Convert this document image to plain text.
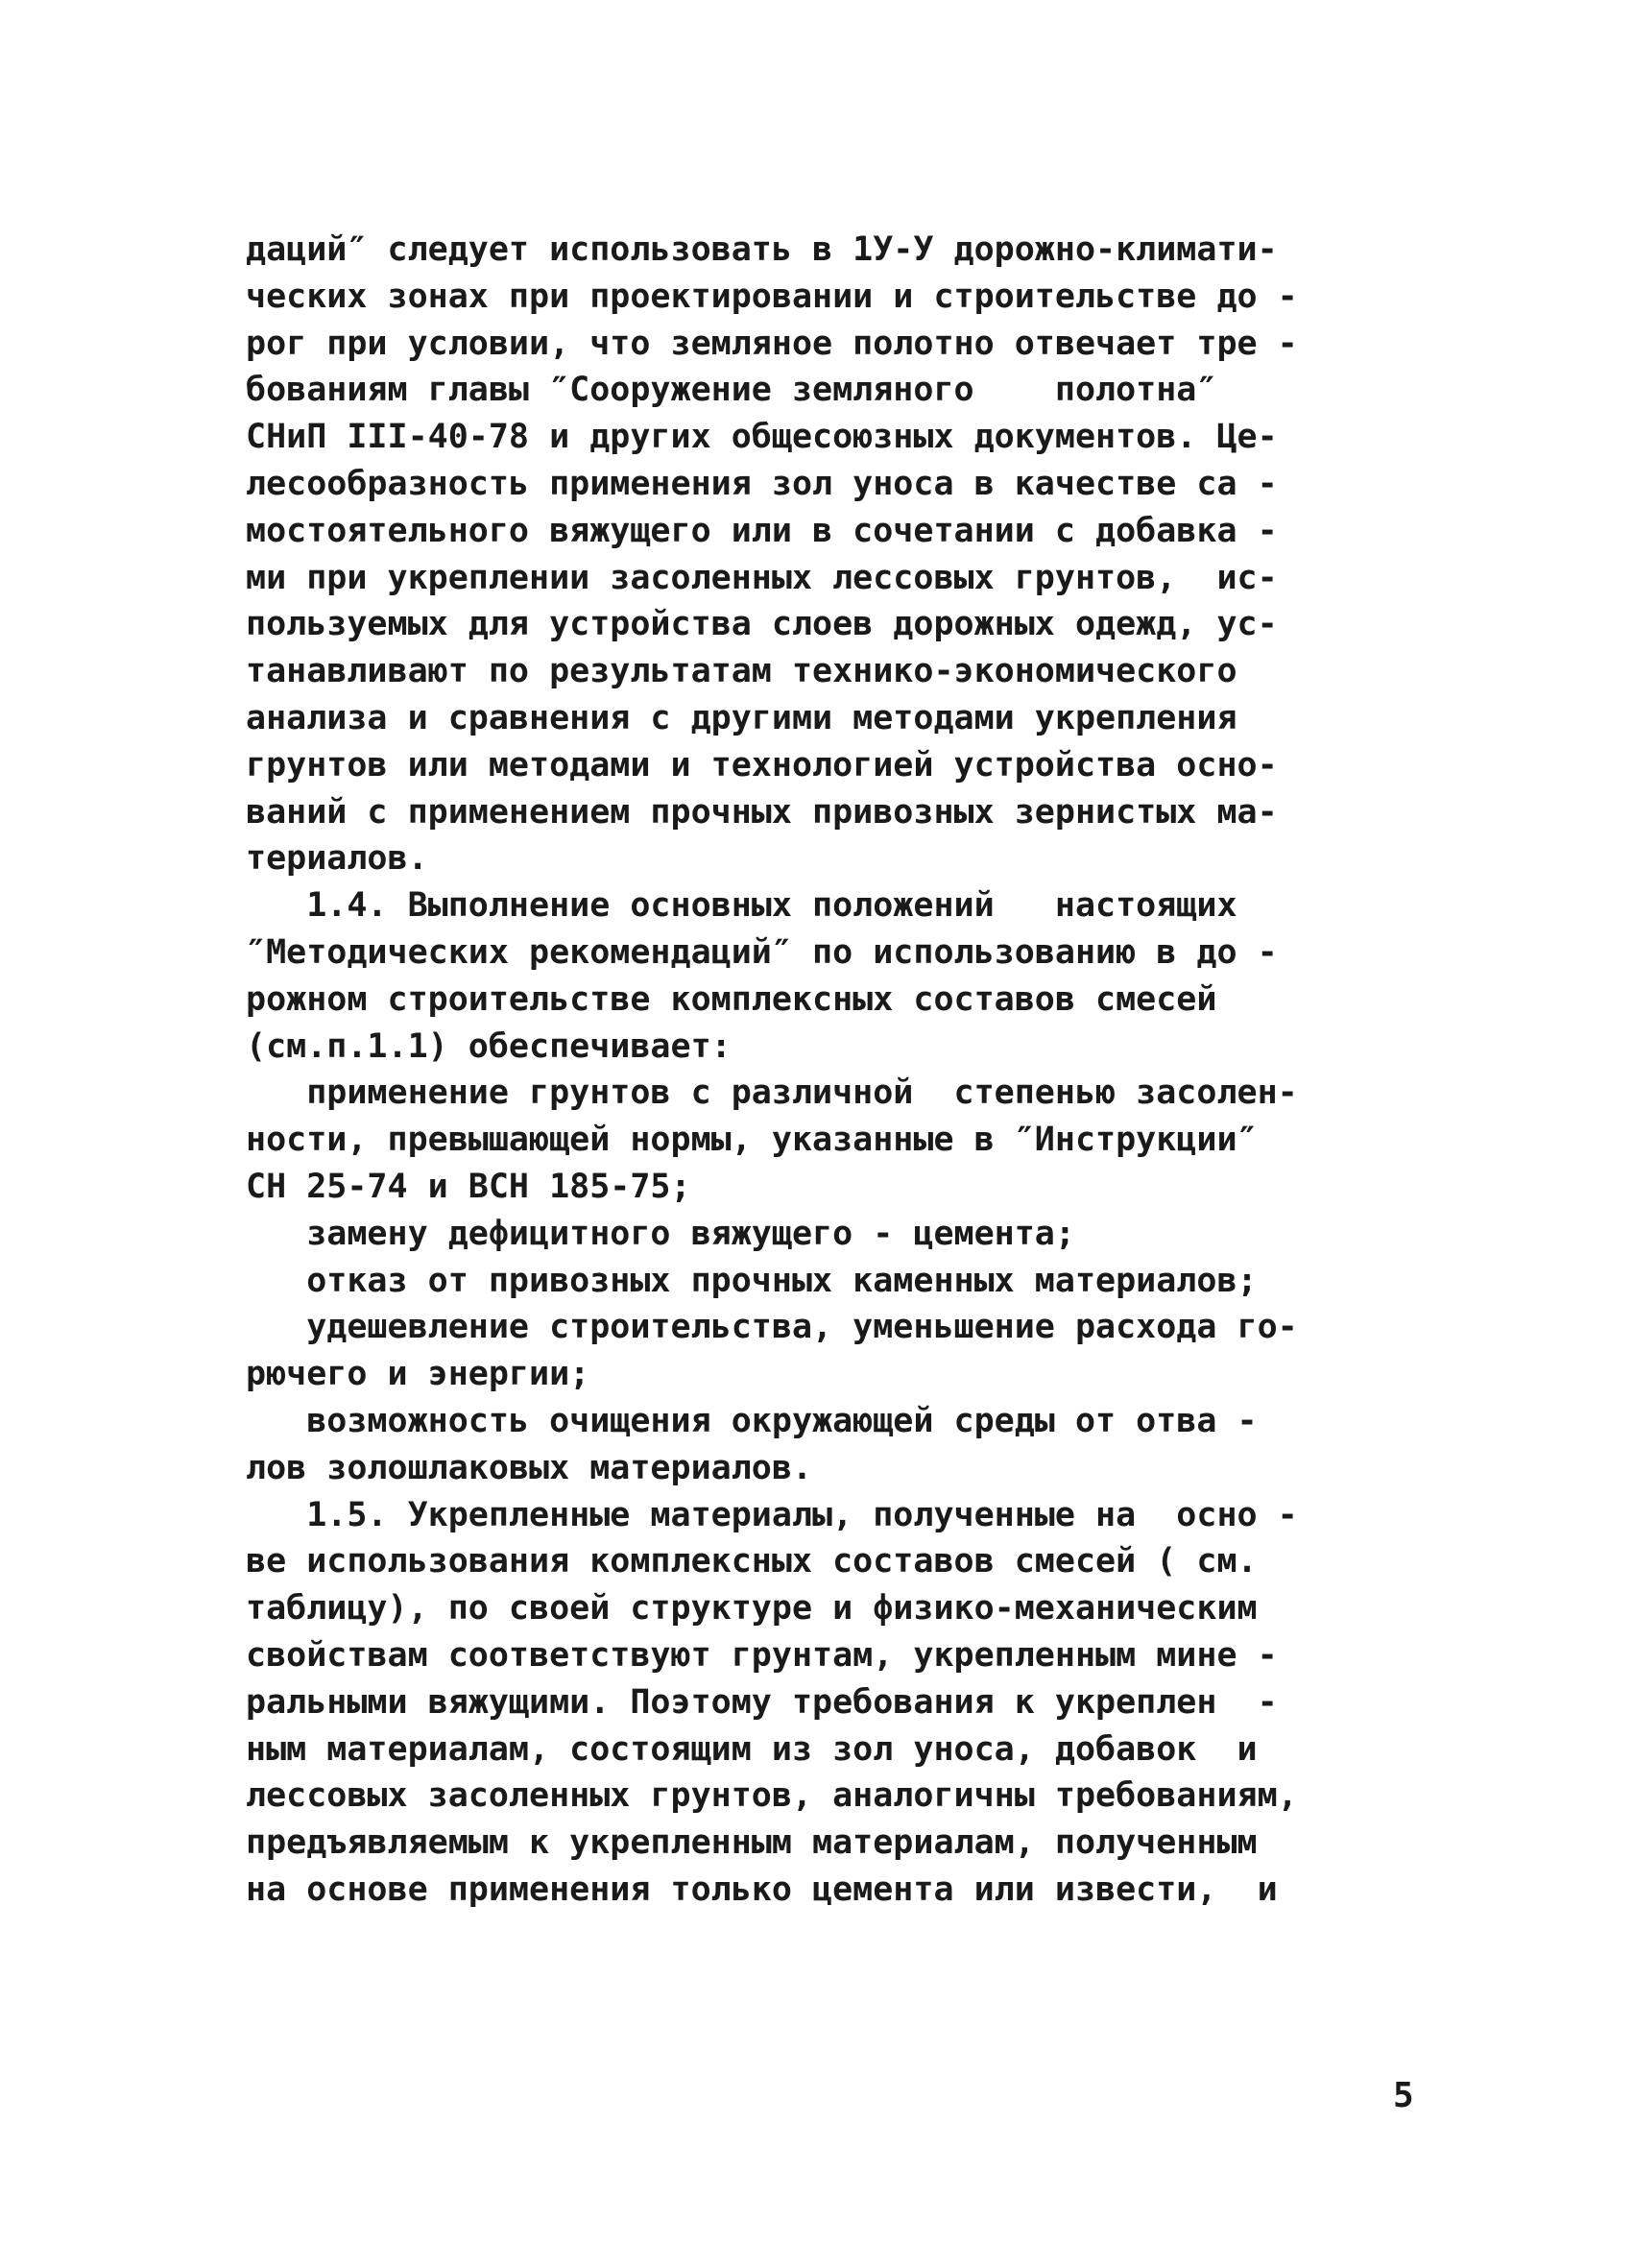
даций″ следует использовать в 1У-У дорожно-климати-
ческих зонах при проектировании и строительстве до -
рог при условии, что земляное полотно отвечает тре -
бованиям главы ″Сооружение земляного    полотна″
СНиП III-40-78 и других общесоюзных документов. Це-
лесообразность применения зол уноса в качестве са -
мостоятельного вяжущего или в сочетании с добавка -
ми при укреплении засоленных лессовых грунтов,  ис-
пользуемых для устройства слоев дорожных одежд, ус-
танавливают по результатам технико-экономического
анализа и сравнения с другими методами укрепления
грунтов или методами и технологией устройства осно-
ваний с применением прочных привозных зернистых ма-
териалов.
1.4. Выполнение основных положений   настоящих
″Методических рекомендаций″ по использованию в до -
рожном строительстве комплексных составов смесей
(см.п.1.1) обеспечивает:
применение грунтов с различной  степенью засолен-
ности, превышающей нормы, указанные в ″Инструкции″
СН 25-74 и ВСН 185-75;
замену дефицитного вяжущего - цемента;
отказ от привозных прочных каменных материалов;
удешевление строительства, уменьшение расхода го-
рючего и энергии;
возможность очищения окружающей среды от отва -
лов золошлаковых материалов.
1.5. Укрепленные материалы, полученные на  осно -
ве использования комплексных составов смесей ( см.
таблицу), по своей структуре и физико-механическим
свойствам соответствуют грунтам, укрепленным мине -
ральными вяжущими. Поэтому требования к укреплен  -
ным материалам, состоящим из зол уноса, добавок  и
лессовых засоленных грунтов, аналогичны требованиям,
предъявляемым к укрепленным материалам, полученным
на основе применения только цемента или извести,  и
5
